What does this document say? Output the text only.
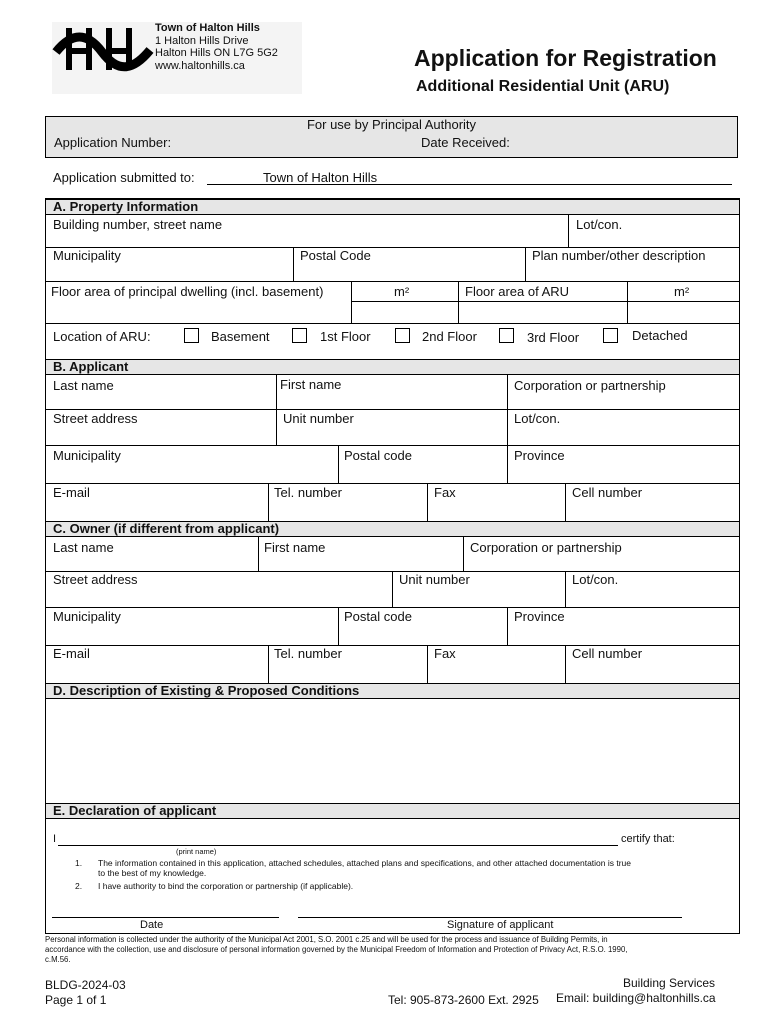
Town of Halton Hills
1 Halton Hills Drive
Halton Hills ON L7G 5G2
www.haltonhills.ca	Application for Registration
Additional Residential Unit (ARU)
For use by Principal Authority
Application Number:	Date Received:
Application submitted to:	Town of Halton Hills
A. Property Information
Building number, street name	Lot/con.
Municipality	Postal Code	Plan number/other description
Floor area of principal dwelling (incl. basement)	m²	Floor area of ARU	m²
Location of ARU:	Basement	1st Floor	2nd Floor	3rd Floor	Detached
B. Applicant
Last name	First name	Corporation or partnership
Street address	Unit number	Lot/con.
Municipality	Postal code	Province
E-mail	Tel. number	Fax	Cell number
C. Owner (if different from applicant)
Last name	First name	Corporation or partnership
Street address	Unit number	Lot/con.
Municipality	Postal code	Province
E-mail	Tel. number	Fax	Cell number
D. Description of Existing & Proposed Conditions
E. Declaration of applicant
I	certify that:
(print name)
1. The information contained in this application, attached schedules, attached plans and specifications, and other attached documentation is true
to the best of my knowledge.
2. I have authority to bind the corporation or partnership (if applicable).
Date	Signature of applicant
Personal information is collected under the authority of the Municipal Act 2001, S.O. 2001 c.25 and will be used for the process and issuance of Building Permits, in
accordance with the collection, use and disclosure of personal information governed by the Municipal Freedom of Information and Protection of Privacy Act, R.S.O. 1990,
c.M.56.
BLDG-2024-03
Page 1 of 1
Building Services
Tel: 905-873-2600 Ext. 2925 Email: building@haltonhills.ca
